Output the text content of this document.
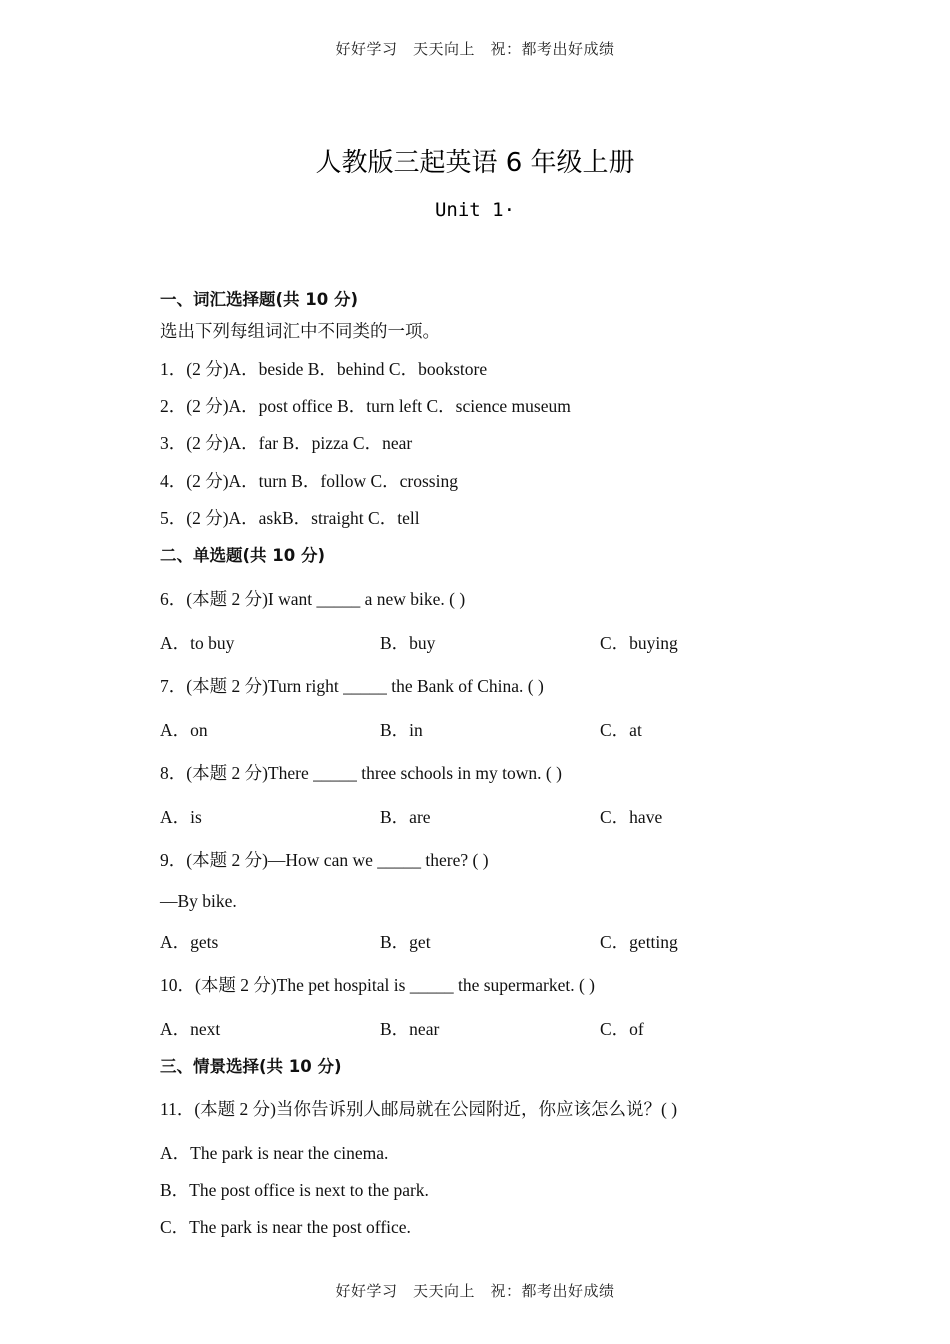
好好学习　天天向上　祝：都考出好成绩
人教版三起英语 6 年级上册
Unit 1·
一、词汇选择题(共 10 分)
选出下列每组词汇中不同类的一项。
1．(2 分)A．beside B．behind C．bookstore
2．(2 分)A．post office B．turn left C．science museum
3．(2 分)A．far B．pizza C．near
4．(2 分)A．turn B．follow C．crossing
5．(2 分)A．askB．straight C．tell
二、单选题(共 10 分)
6．(本题 2 分)I want _____ a new bike. ( )
A．to buy	B．buy	C．buying
7．(本题 2 分)Turn right _____ the Bank of China. ( )
A．on	B．in	C．at
8．(本题 2 分)There _____ three schools in my town. ( )
A．is	B．are	C．have
9．(本题 2 分)—How can we _____ there? ( )
—By bike.
A．gets	B．get	C．getting
10．(本题 2 分)The pet hospital is _____ the supermarket. ( )
A．next	B．near	C．of
三、情景选择(共 10 分)
11．(本题 2 分)当你告诉别人邮局就在公园附近，你应该怎么说？( )
A．The park is near the cinema.
B．The post office is next to the park.
C．The park is near the post office.
好好学习　天天向上　祝：都考出好成绩
